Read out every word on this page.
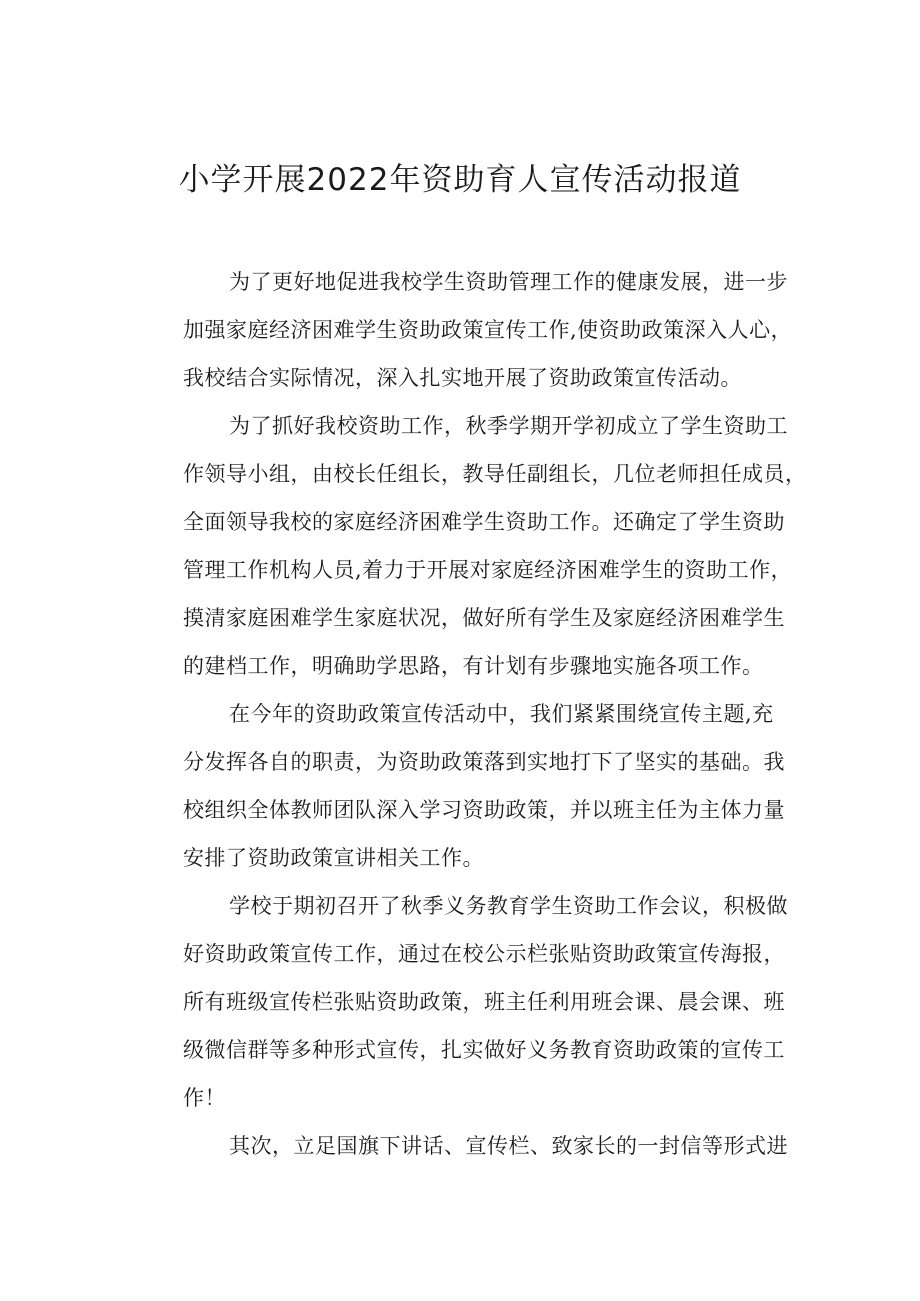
小学开展2022年资助育人宣传活动报道

为了更好地促进我校学生资助管理工作的健康发展，进一步
加强家庭经济困难学生资助政策宣传工作,使资助政策深入人心，
我校结合实际情况，深入扎实地开展了资助政策宣传活动。

为了抓好我校资助工作，秋季学期开学初成立了学生资助工
作领导小组，由校长任组长，教导任副组长，几位老师担任成员，
全面领导我校的家庭经济困难学生资助工作。还确定了学生资助
管理工作机构人员,着力于开展对家庭经济困难学生的资助工作，
摸清家庭困难学生家庭状况，做好所有学生及家庭经济困难学生
的建档工作，明确助学思路，有计划有步骤地实施各项工作。

在今年的资助政策宣传活动中，我们紧紧围绕宣传主题,充
分发挥各自的职责，为资助政策落到实地打下了坚实的基础。我
校组织全体教师团队深入学习资助政策，并以班主任为主体力量
安排了资助政策宣讲相关工作。

学校于期初召开了秋季义务教育学生资助工作会议，积极做
好资助政策宣传工作，通过在校公示栏张贴资助政策宣传海报，
所有班级宣传栏张贴资助政策，班主任利用班会课、晨会课、班
级微信群等多种形式宣传，扎实做好义务教育资助政策的宣传工
作！

其次，立足国旗下讲话、宣传栏、致家长的一封信等形式进
